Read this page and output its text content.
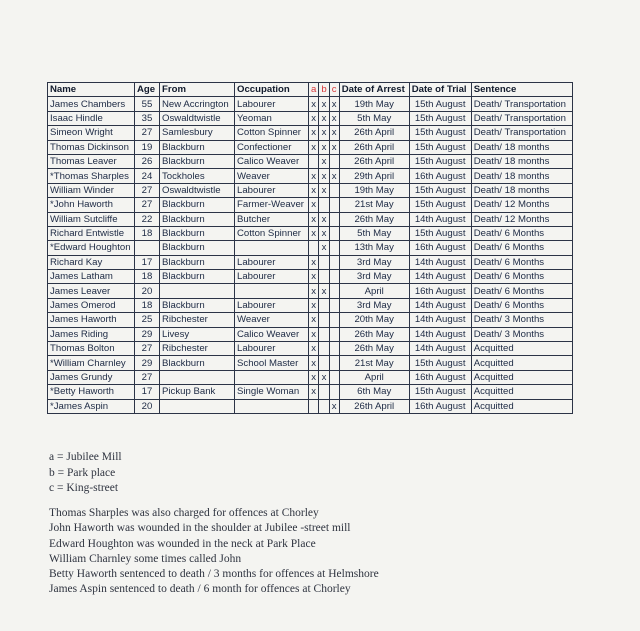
Name	Age	From	Occupation	a	b	c	Date of Arrest	Date of Trial	Sentence
James Chambers	55	New Accrington	Labourer	x	x	x	19th May	15th August	Death/ Transportation
Isaac Hindle	35	Oswaldtwistle	Yeoman	x	x	x	5th May	15th August	Death/ Transportation
Simeon Wright	27	Samlesbury	Cotton Spinner	x	x	x	26th April	15th August	Death/ Transportation
Thomas Dickinson	19	Blackburn	Confectioner	x	x	x	26th April	15th August	Death/ 18 months
Thomas Leaver	26	Blackburn	Calico Weaver		x		26th April	15th August	Death/ 18 months
*Thomas Sharples	24	Tockholes	Weaver	x	x	x	29th April	16th August	Death/ 18 months
William Winder	27	Oswaldtwistle	Labourer	x	x		19th May	15th August	Death/ 18 months
*John Haworth	27	Blackburn	Farmer-Weaver	x			21st May	15th August	Death/ 12 Months
William Sutcliffe	22	Blackburn	Butcher	x	x		26th May	14th August	Death/ 12 Months
Richard Entwistle	18	Blackburn	Cotton Spinner	x	x		5th May	15th August	Death/ 6 Months
*Edward Houghton		Blackburn			x		13th May	16th August	Death/ 6 Months
Richard Kay	17	Blackburn	Labourer	x			3rd May	14th August	Death/ 6 Months
James Latham	18	Blackburn	Labourer	x			3rd May	14th August	Death/ 6 Months
James Leaver	20			x	x		April	16th August	Death/ 6 Months
James Omerod	18	Blackburn	Labourer	x			3rd May	14th August	Death/ 6 Months
James Haworth	25	Ribchester	Weaver	x			20th May	14th August	Death/ 3 Months
James Riding	29	Livesy	Calico Weaver	x			26th May	14th August	Death/ 3 Months
Thomas Bolton	27	Ribchester	Labourer	x			26th May	14th August	Acquitted
*William Charnley	29	Blackburn	School Master	x			21st May	15th August	Acquitted
James Grundy	27			x	x		April	16th August	Acquitted
*Betty Haworth	17	Pickup Bank	Single Woman	x			6th May	15th August	Acquitted
*James Aspin	20					x	26th April	16th August	Acquitted
a = Jubilee Mill
b = Park place
c = King-street
Thomas Sharples was also charged for offences at Chorley
John Haworth was wounded in the shoulder at Jubilee -street mill
Edward Houghton was wounded in the neck at Park Place
William Charnley some times called John
Betty Haworth sentenced to death / 3 months for offences at Helmshore
James Aspin sentenced to death / 6 month for offences at Chorley
